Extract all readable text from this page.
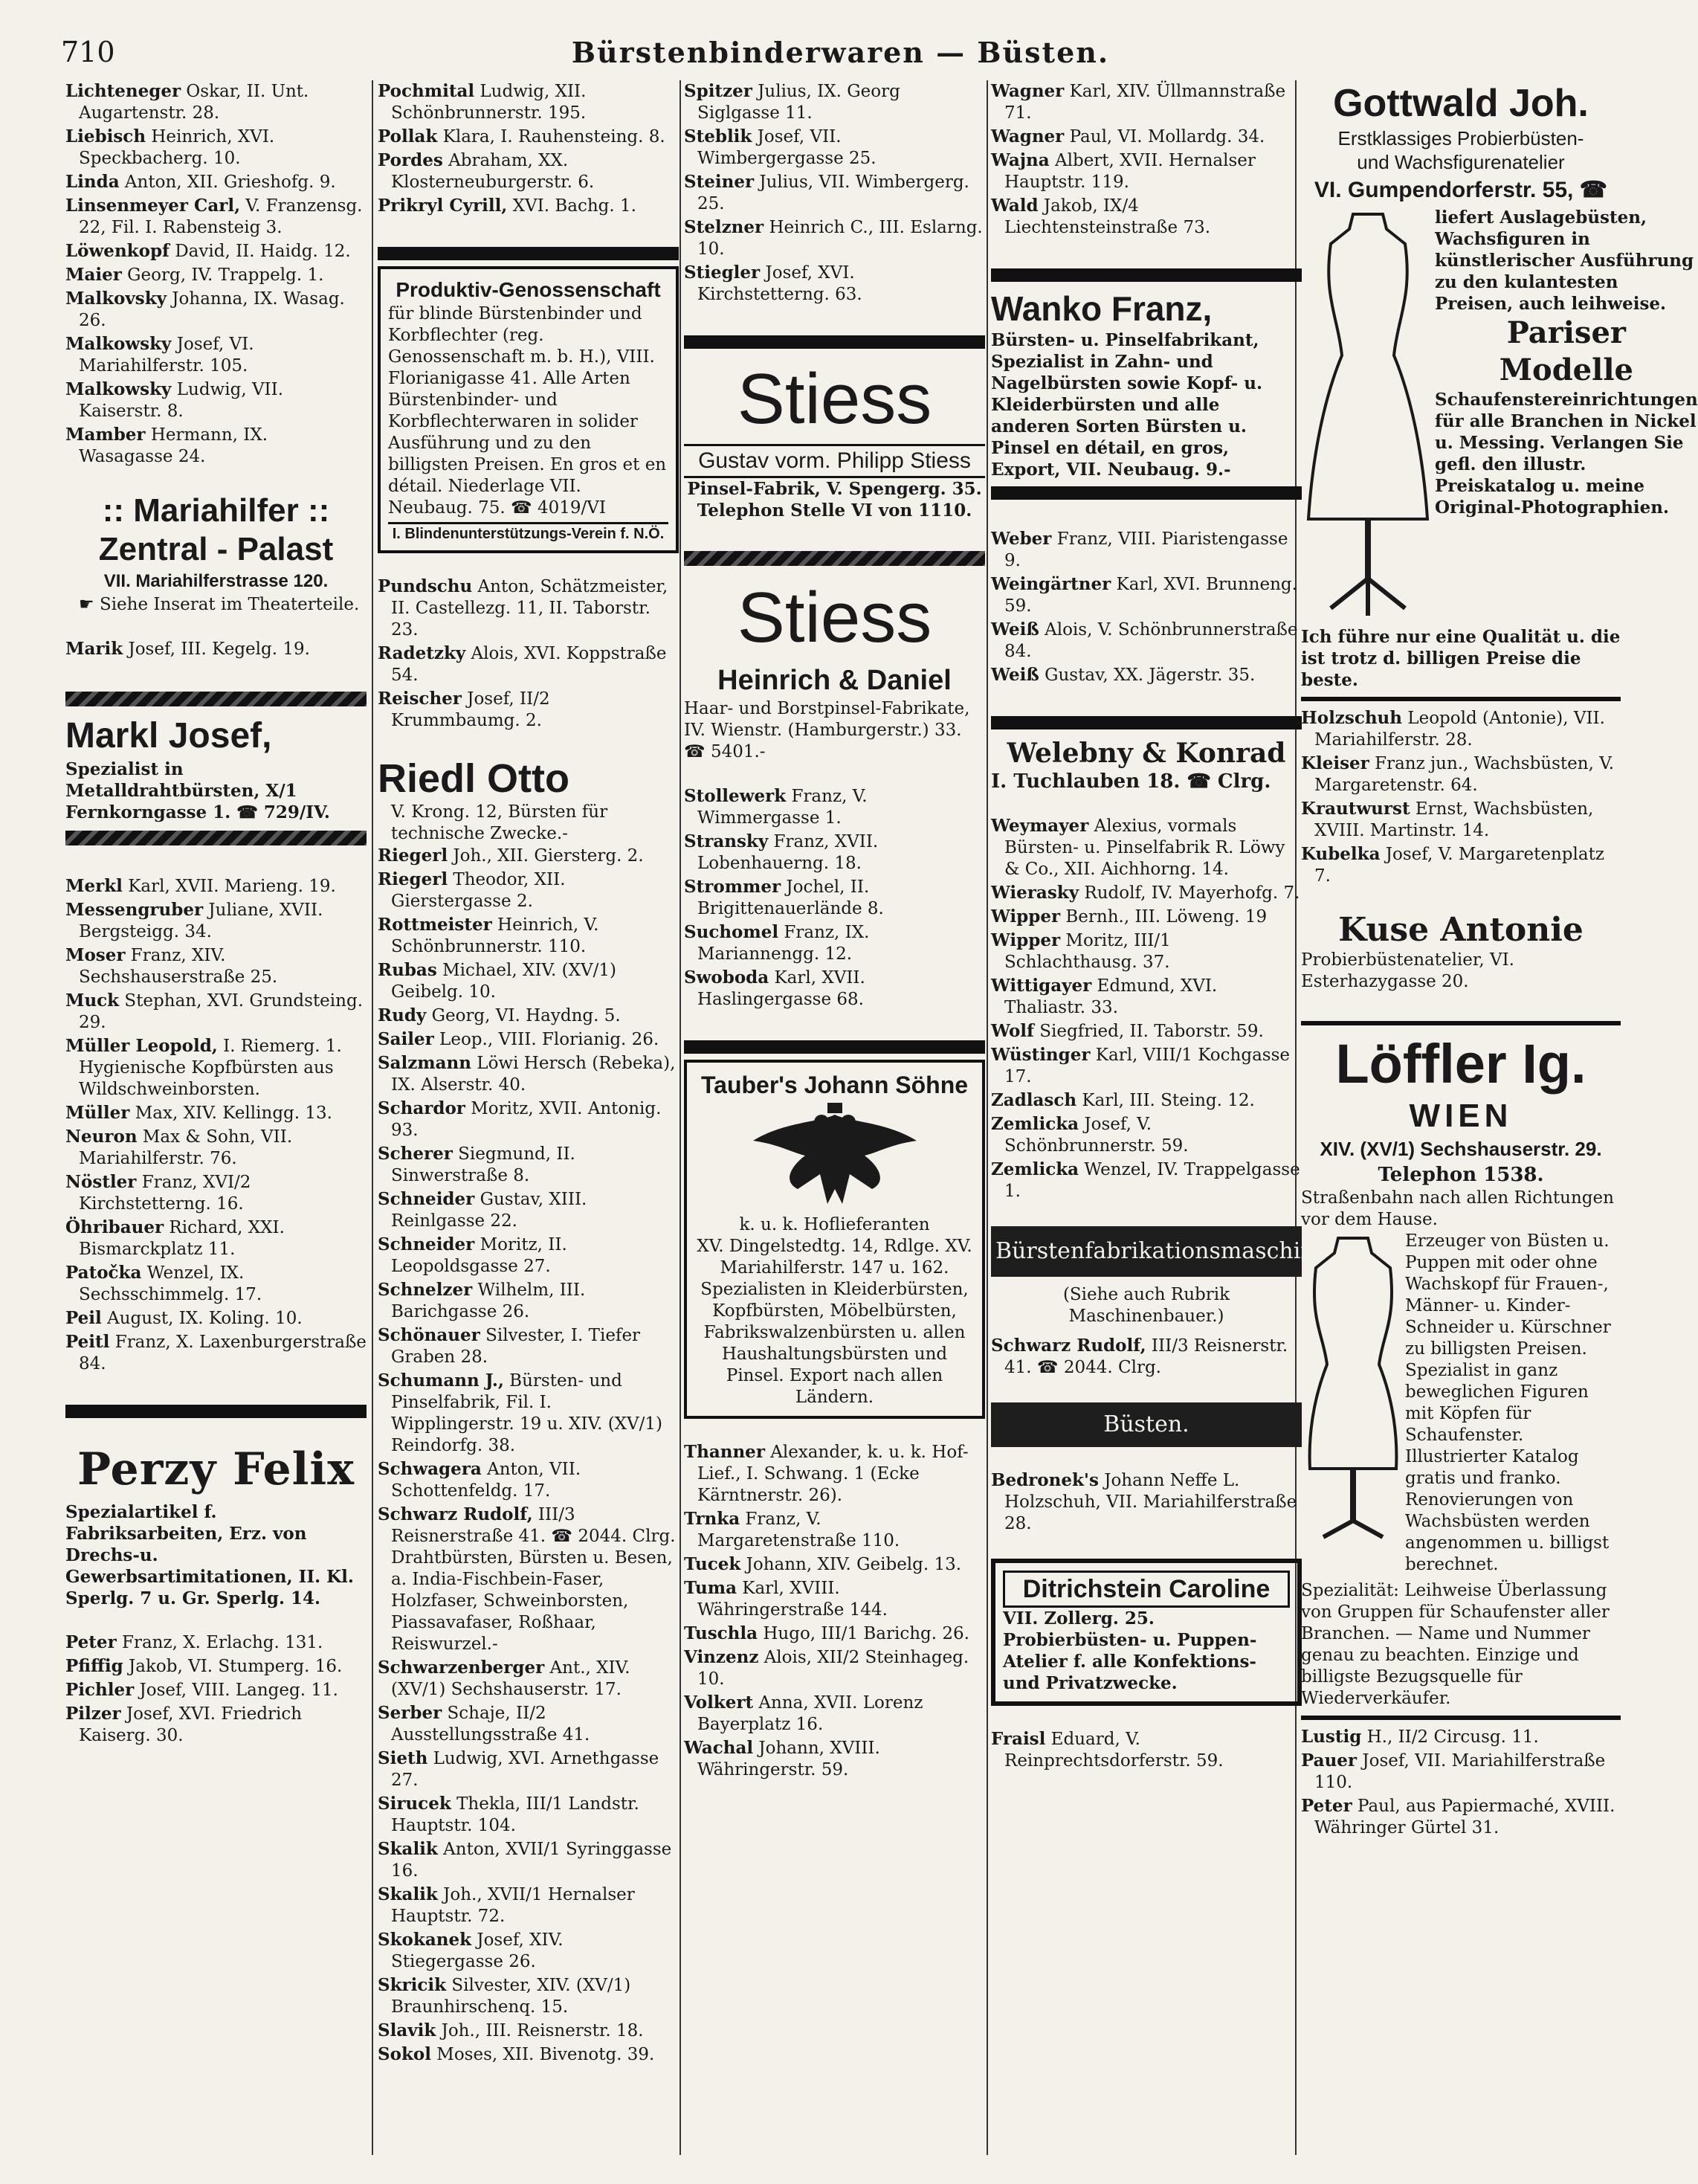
710	Bürstenbinderwaren — Büsten.
Lichteneger Oskar, II. Unt. Augartenstr. 28.
Liebisch Heinrich, XVI. Speckbacherg. 10.
Linda Anton, XII. Grieshofg. 9.
Linsenmeyer Carl, V. Franzensg. 22, Fil. I. Rabensteig 3.
Löwenkopf David, II. Haidg. 12.
Maier Georg, IV. Trappelg. 1.
Malkovsky Johanna, IX. Wasag. 26.
Malkowsky Josef, VI. Mariahilferstr. 105.
Malkowsky Ludwig, VII. Kaiserstr. 8.
Mamber Hermann, IX. Wasagasse 24.
:: Mariahilfer ::
Zentral - Palast
VII. Mariahilferstrasse 120.
☛ Siehe Inserat im Theaterteile.
Marik Josef, III. Kegelg. 19.
Markl Josef,
Spezialist in Metalldrahtbürsten, X/1 Fernkorngasse 1. ☎ 729/IV.
Merkl Karl, XVII. Marieng. 19.
Messengruber Juliane, XVII. Bergsteigg. 34.
Moser Franz, XIV. Sechshauserstraße 25.
Muck Stephan, XVI. Grundsteing. 29.
Müller Leopold, I. Riemerg. 1. Hygienische Kopfbürsten aus Wildschweinborsten.
Müller Max, XIV. Kellingg. 13.
Neuron Max & Sohn, VII. Mariahilferstr. 76.
Nöstler Franz, XVI/2 Kirchstetterng. 16.
Öhribauer Richard, XXI. Bismarckplatz 11.
Patočka Wenzel, IX. Sechsschimmelg. 17.
Peil August, IX. Koling. 10.
Peitl Franz, X. Laxenburgerstraße 84.
Perzy Felix
Spezialartikel f. Fabriksarbeiten, Erz. von Drechs-u. Gewerbsartimitationen, II. Kl. Sperlg. 7 u. Gr. Sperlg. 14.
Peter Franz, X. Erlachg. 131.
Pfiffig Jakob, VI. Stumperg. 16.
Pichler Josef, VIII. Langeg. 11.
Pilzer Josef, XVI. Friedrich Kaiserg. 30.
Pochmital Ludwig, XII. Schönbrunnerstr. 195.
Pollak Klara, I. Rauhensteing. 8.
Pordes Abraham, XX. Klosterneuburgerstr. 6.
Prikryl Cyrill, XVI. Bachg. 1.
Produktiv-Genossenschaft
für blinde Bürstenbinder und Korbflechter (reg. Genossenschaft m. b. H.), VIII. Florianigasse 41. Alle Arten Bürstenbinder- und Korbflechterwaren in solider Ausführung und zu den billigsten Preisen. En gros et en détail. Niederlage VII. Neubaug. 75. ☎ 4019/VI
I. Blindenunterstützungs-Verein f. N.Ö.
Pundschu Anton, Schätzmeister, II. Castellezg. 11, II. Taborstr. 23.
Radetzky Alois, XVI. Koppstraße 54.
Reischer Josef, II/2 Krummbaumg. 2.
Riedl Otto
V. Krong. 12, Bürsten für technische Zwecke.-
Riegerl Joh., XII. Giersterg. 2.
Riegerl Theodor, XII. Gierstergasse 2.
Rottmeister Heinrich, V. Schönbrunnerstr. 110.
Rubas Michael, XIV. (XV/1) Geibelg. 10.
Rudy Georg, VI. Haydng. 5.
Sailer Leop., VIII. Florianig. 26.
Salzmann Löwi Hersch (Rebeka), IX. Alserstr. 40.
Schardor Moritz, XVII. Antonig. 93.
Scherer Siegmund, II. Sinwerstraße 8.
Schneider Gustav, XIII. Reinlgasse 22.
Schneider Moritz, II. Leopoldsgasse 27.
Schnelzer Wilhelm, III. Barichgasse 26.
Schönauer Silvester, I. Tiefer Graben 28.
Schumann J., Bürsten- und Pinselfabrik, Fil. I. Wipplingerstr. 19 u. XIV. (XV/1) Reindorfg. 38.
Schwagera Anton, VII. Schottenfeldg. 17.
Schwarz Rudolf, III/3 Reisnerstraße 41. ☎ 2044. Clrg. Drahtbürsten, Bürsten u. Besen, a. India-Fischbein-Faser, Holzfaser, Schweinborsten, Piassavafaser, Roßhaar, Reiswurzel.-
Schwarzenberger Ant., XIV. (XV/1) Sechshauserstr. 17.
Serber Schaje, II/2 Ausstellungsstraße 41.
Sieth Ludwig, XVI. Arnethgasse 27.
Sirucek Thekla, III/1 Landstr. Hauptstr. 104.
Skalik Anton, XVII/1 Syringgasse 16.
Skalik Joh., XVII/1 Hernalser Hauptstr. 72.
Skokanek Josef, XIV. Stiegergasse 26.
Skricik Silvester, XIV. (XV/1) Braunhirschenq. 15.
Slavik Joh., III. Reisnerstr. 18.
Sokol Moses, XII. Bivenotg. 39.
Spitzer Julius, IX. Georg Siglgasse 11.
Steblik Josef, VII. Wimbergergasse 25.
Steiner Julius, VII. Wimbergerg. 25.
Stelzner Heinrich C., III. Eslarng. 10.
Stiegler Josef, XVI. Kirchstetterng. 63.
Stiess
Gustav vorm. Philipp Stiess
Pinsel-Fabrik, V. Spengerg. 35. Telephon Stelle VI von 1110.
Stiess
Heinrich & Daniel
Haar- und Borstpinsel-Fabrikate, IV. Wienstr. (Hamburgerstr.) 33. ☎ 5401.-
Stollewerk Franz, V. Wimmergasse 1.
Stransky Franz, XVII. Lobenhauerng. 18.
Strommer Jochel, II. Brigittenauerlände 8.
Suchomel Franz, IX. Mariannengg. 12.
Swoboda Karl, XVII. Haslingergasse 68.
Tauber's Johann Söhne
k. u. k. Hoflieferanten
XV. Dingelstedtg. 14, Rdlge. XV. Mariahilferstr. 147 u. 162. Spezialisten in Kleiderbürsten, Kopfbürsten, Möbelbürsten, Fabrikswalzenbürsten u. allen Haushaltungsbürsten und Pinsel. Export nach allen Ländern.
Thanner Alexander, k. u. k. Hof-Lief., I. Schwang. 1 (Ecke Kärntnerstr. 26).
Trnka Franz, V. Margaretenstraße 110.
Tucek Johann, XIV. Geibelg. 13.
Tuma Karl, XVIII. Währingerstraße 144.
Tuschla Hugo, III/1 Barichg. 26.
Vinzenz Alois, XII/2 Steinhageg. 10.
Volkert Anna, XVII. Lorenz Bayerplatz 16.
Wachal Johann, XVIII. Währingerstr. 59.
Wagner Karl, XIV. Üllmannstraße 71.
Wagner Paul, VI. Mollardg. 34.
Wajna Albert, XVII. Hernalser Hauptstr. 119.
Wald Jakob, IX/4 Liechtensteinstraße 73.
Wanko Franz,
Bürsten- u. Pinselfabrikant, Spezialist in Zahn- und Nagelbürsten sowie Kopf- u. Kleiderbürsten und alle anderen Sorten Bürsten u. Pinsel en détail, en gros, Export, VII. Neubaug. 9.-
Weber Franz, VIII. Piaristengasse 9.
Weingärtner Karl, XVI. Brunneng. 59.
Weiß Alois, V. Schönbrunnerstraße 84.
Weiß Gustav, XX. Jägerstr. 35.
Welebny & Konrad
I. Tuchlauben 18. ☎ Clrg.
Weymayer Alexius, vormals Bürsten- u. Pinselfabrik R. Löwy & Co., XII. Aichhorng. 14.
Wierasky Rudolf, IV. Mayerhofg. 7.
Wipper Bernh., III. Löweng. 19
Wipper Moritz, III/1 Schlachthausg. 37.
Wittigayer Edmund, XVI. Thaliastr. 33.
Wolf Siegfried, II. Taborstr. 59.
Wüstinger Karl, VIII/1 Kochgasse 17.
Zadlasch Karl, III. Steing. 12.
Zemlicka Josef, V. Schönbrunnerstr. 59.
Zemlicka Wenzel, IV. Trappelgasse 1.
Bürstenfabrikationsmaschinen.
(Siehe auch Rubrik Maschinenbauer.)
Schwarz Rudolf, III/3 Reisnerstr. 41. ☎ 2044. Clrg.
Büsten.
Bedronek's Johann Neffe L. Holzschuh, VII. Mariahilferstraße 28.
Ditrichstein Caroline
VII. Zollerg. 25. Probierbüsten- u. Puppen-Atelier f. alle Konfektions- und Privatzwecke.
Fraisl Eduard, V. Reinprechtsdorferstr. 59.
Gottwald Joh.
Erstklassiges Probierbüsten-
und Wachsfigurenatelier
VI. Gumpendorferstr. 55, ☎
liefert Auslagebüsten, Wachsfiguren in künstlerischer Ausführung zu den kulantesten Preisen, auch leihweise.
Pariser Modelle
Schaufenstereinrichtungen für alle Branchen in Nickel u. Messing. Verlangen Sie gefl. den illustr. Preiskatalog u. meine Original-Photographien.
Ich führe nur eine Qualität u. die ist trotz d. billigen Preise die beste.
Holzschuh Leopold (Antonie), VII. Mariahilferstr. 28.
Kleiser Franz jun., Wachsbüsten, V. Margaretenstr. 64.
Krautwurst Ernst, Wachsbüsten, XVIII. Martinstr. 14.
Kubelka Josef, V. Margaretenplatz 7.
Kuse Antonie
Probierbüstenatelier, VI. Esterhazygasse 20.
Löffler Ig.
WIEN
XIV. (XV/1) Sechshauserstr. 29.
Telephon 1538.
Straßenbahn nach allen Richtungen vor dem Hause.
Erzeuger von Büsten u. Puppen mit oder ohne Wachskopf für Frauen-, Männer- u. Kinder-Schneider u. Kürschner zu billigsten Preisen. Spezialist in ganz beweglichen Figuren mit Köpfen für Schaufenster. Illustrierter Katalog gratis und franko. Renovierungen von Wachsbüsten werden angenommen u. billigst berechnet.
Spezialität: Leihweise Überlassung von Gruppen für Schaufenster aller Branchen. — Name und Nummer genau zu beachten. Einzige und billigste Bezugsquelle für Wiederverkäufer.
Lustig H., II/2 Circusg. 11.
Pauer Josef, VII. Mariahilferstraße 110.
Peter Paul, aus Papiermaché, XVIII. Währinger Gürtel 31.
